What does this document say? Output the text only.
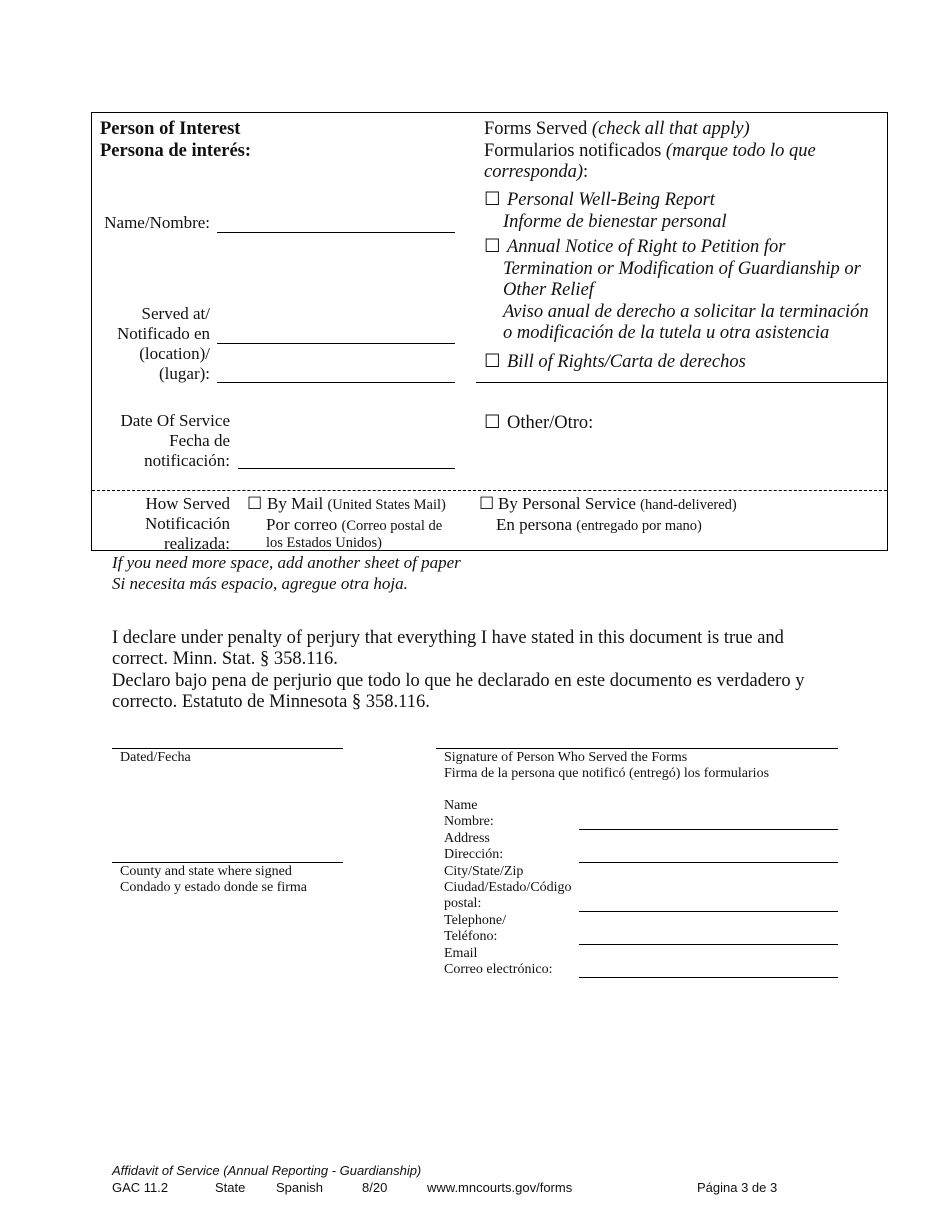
Person of Interest
Persona de interés:
Name/Nombre:
Served at/
Notificado en
(location)/
(lugar):
Date Of Service
Fecha de
notificación:
Forms Served (check all that apply)
Formularios notificados (marque todo lo que
corresponda):
☐ Personal Well-Being Report
Informe de bienestar personal
☐ Annual Notice of Right to Petition for
Termination or Modification of Guardianship or
Other Relief
Aviso anual de derecho a solicitar la terminación
o modificación de la tutela u otra asistencia
☐ Bill of Rights/Carta de derechos
☐ Other/Otro:
How Served
Notificación
realizada:
☐ By Mail (United States Mail)
Por correo (Correo postal de
los Estados Unidos)
☐ By Personal Service (hand-delivered)
En persona (entregado por mano)
If you need more space, add another sheet of paper
Si necesita más espacio, agregue otra hoja.
I declare under penalty of perjury that everything I have stated in this document is true and
correct. Minn. Stat. § 358.116.
Declaro bajo pena de perjurio que todo lo que he declarado en este documento es verdadero y
correcto. Estatuto de Minnesota § 358.116.
Dated/Fecha
County and state where signed
Condado y estado donde se firma
Signature of Person Who Served the Forms
Firma de la persona que notificó (entregó) los formularios
Name
Nombre:
Address
Dirección:
City/State/Zip
Ciudad/Estado/Código
postal:
Telephone/
Teléfono:
Email
Correo electrónico:
Affidavit of Service (Annual Reporting - Guardianship)
GAC 11.2	State Spanish	8/20	www.mncourts.gov/forms	Página 3 de 3
